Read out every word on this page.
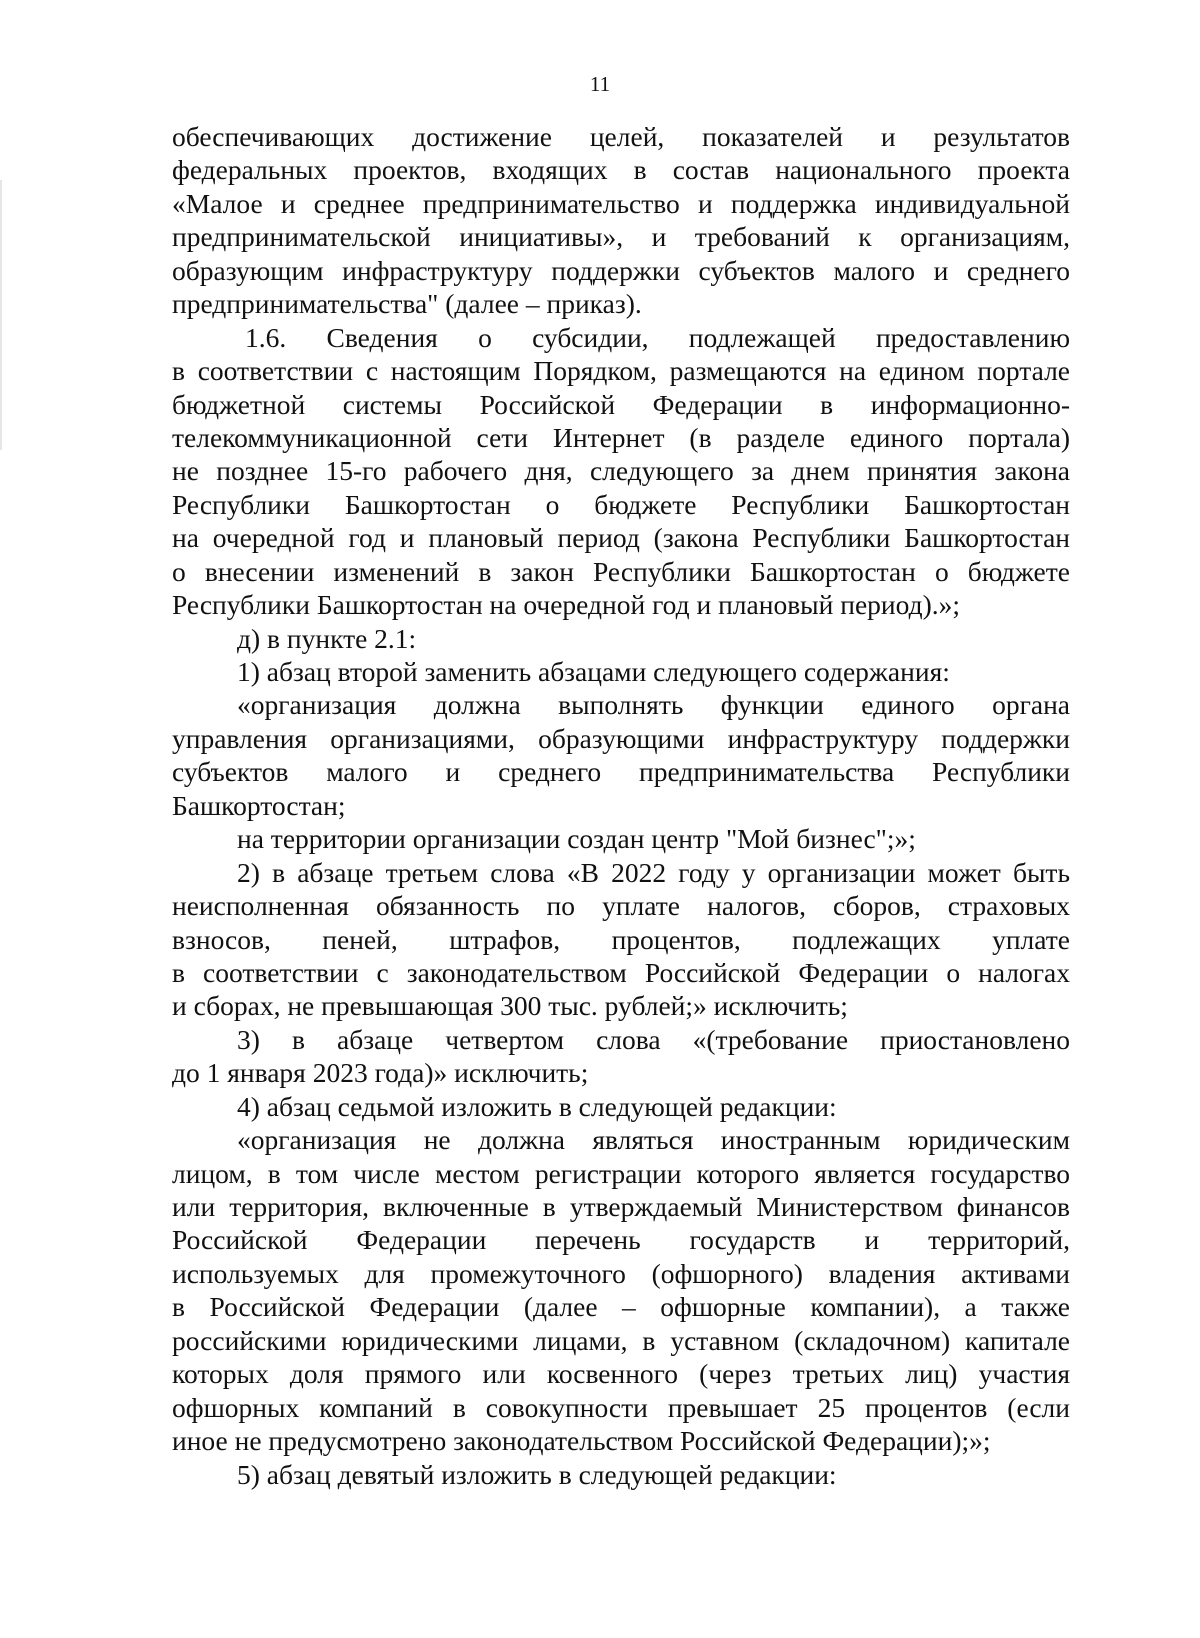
11
обеспечивающих достижение целей, показателей и результатов
федеральных проектов, входящих в состав национального проекта
«Малое и среднее предпринимательство и поддержка индивидуальной
предпринимательской инициативы», и требований к организациям,
образующим инфраструктуру поддержки субъектов малого и среднего
предпринимательства" (далее – приказ).
1.6. Сведения о субсидии, подлежащей предоставлению
в соответствии с настоящим Порядком, размещаются на едином портале
бюджетной системы Российской Федерации в информационно-
телекоммуникационной сети Интернет (в разделе единого портала)
не позднее 15-го рабочего дня, следующего за днем принятия закона
Республики Башкортостан о бюджете Республики Башкортостан
на очередной год и плановый период (закона Республики Башкортостан
о внесении изменений в закон Республики Башкортостан о бюджете
Республики Башкортостан на очередной год и плановый период).»;
д) в пункте 2.1:
1) абзац второй заменить абзацами следующего содержания:
«организация должна выполнять функции единого органа
управления организациями, образующими инфраструктуру поддержки
субъектов малого и среднего предпринимательства Республики
Башкортостан;
на территории организации создан центр "Мой бизнес";»;
2) в абзаце третьем слова «В 2022 году у организации может быть
неисполненная обязанность по уплате налогов, сборов, страховых
взносов, пеней, штрафов, процентов, подлежащих уплате
в соответствии с законодательством Российской Федерации о налогах
и сборах, не превышающая 300 тыс. рублей;» исключить;
3) в абзаце четвертом слова «(требование приостановлено
до 1 января 2023 года)» исключить;
4) абзац седьмой изложить в следующей редакции:
«организация не должна являться иностранным юридическим
лицом, в том числе местом регистрации которого является государство
или территория, включенные в утверждаемый Министерством финансов
Российской Федерации перечень государств и территорий,
используемых для промежуточного (офшорного) владения активами
в Российской Федерации (далее – офшорные компании), а также
российскими юридическими лицами, в уставном (складочном) капитале
которых доля прямого или косвенного (через третьих лиц) участия
офшорных компаний в совокупности превышает 25 процентов (если
иное не предусмотрено законодательством Российской Федерации);»;
5) абзац девятый изложить в следующей редакции:
